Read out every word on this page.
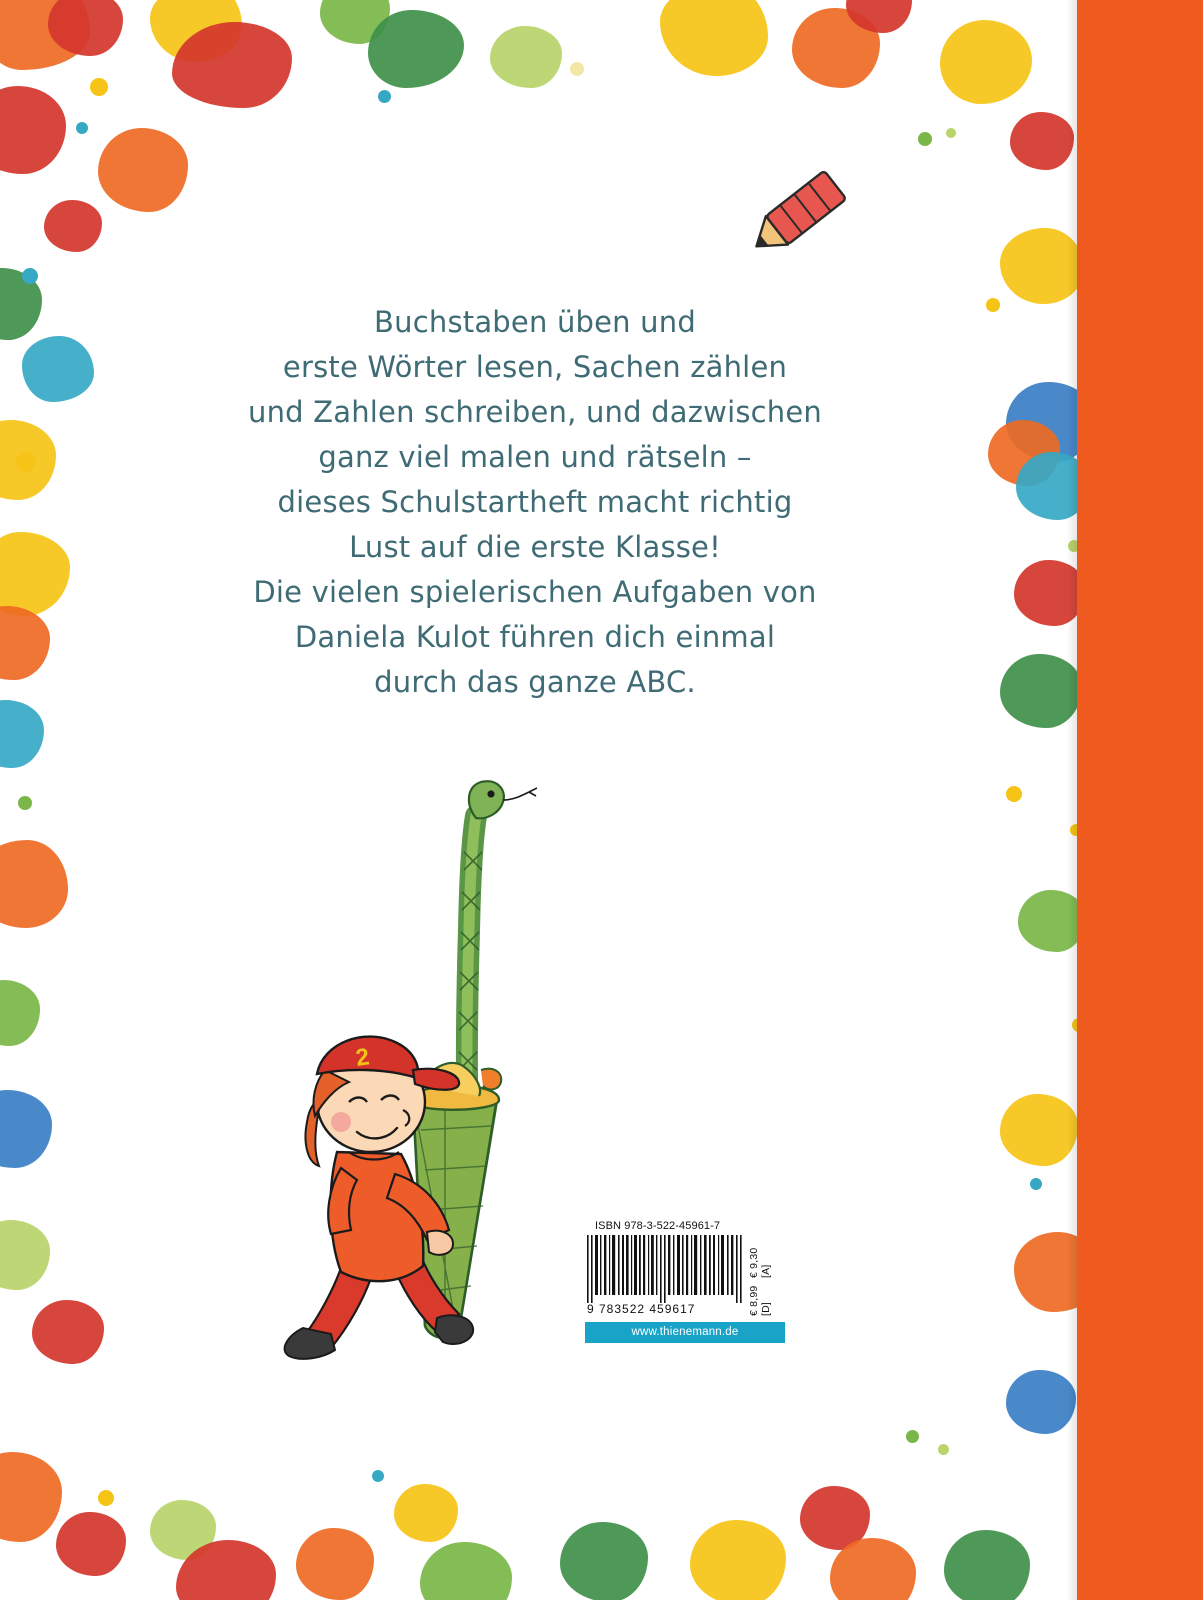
Buchstaben üben und
erste Wörter lesen, Sachen zählen
und Zahlen schreiben, und dazwischen
ganz viel malen und rätseln –
dieses Schulstartheft macht richtig
Lust auf die erste Klasse!
Die vielen spielerischen Aufgaben von
Daniela Kulot führen dich einmal
durch das ganze ABC.
2
ISBN 978-3-522-45961-7
9 783522 459617	€ 8,99 [D]
€ 9,30 [A]
www.thienemann.de
